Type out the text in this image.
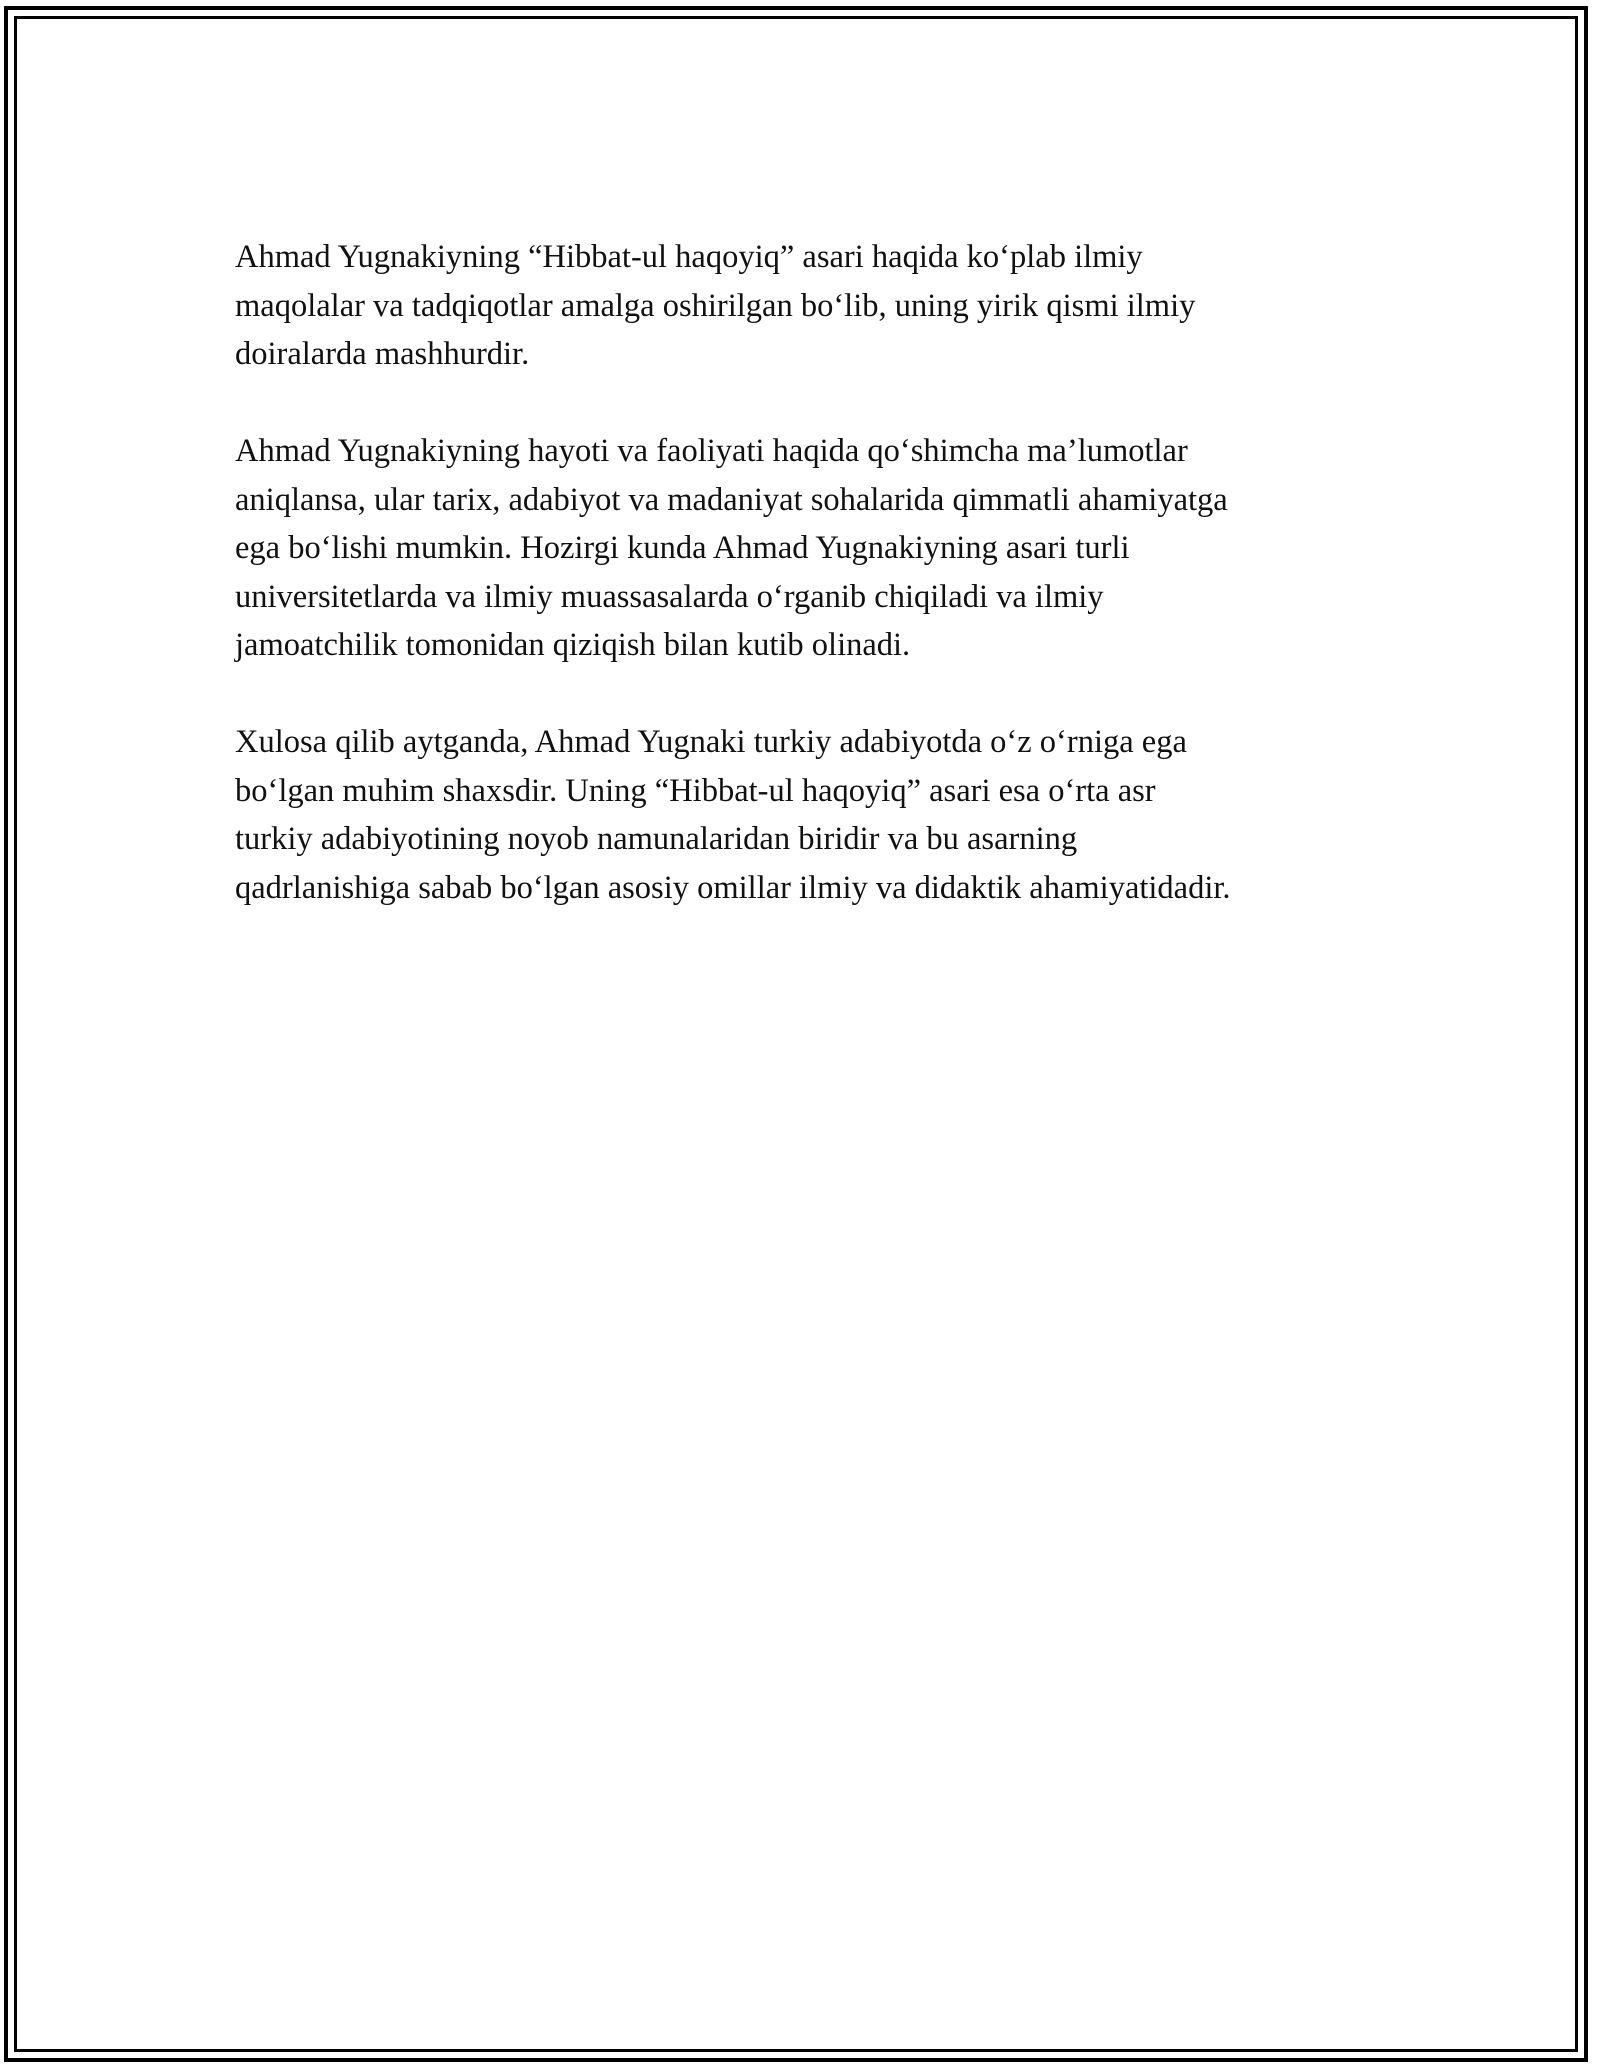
Ahmad Yugnakiyning “Hibbat-ul haqoyiq” asari haqida ko‘plab ilmiy
maqolalar va tadqiqotlar amalga oshirilgan bo‘lib, uning yirik qismi ilmiy
doiralarda mashhurdir.

Ahmad Yugnakiyning hayoti va faoliyati haqida qo‘shimcha ma’lumotlar
aniqlansa, ular tarix, adabiyot va madaniyat sohalarida qimmatli ahamiyatga
ega bo‘lishi mumkin. Hozirgi kunda Ahmad Yugnakiyning asari turli
universitetlarda va ilmiy muassasalarda o‘rganib chiqiladi va ilmiy
jamoatchilik tomonidan qiziqish bilan kutib olinadi.

Xulosa qilib aytganda, Ahmad Yugnaki turkiy adabiyotda o‘z o‘rniga ega
bo‘lgan muhim shaxsdir. Uning “Hibbat-ul haqoyiq” asari esa o‘rta asr
turkiy adabiyotining noyob namunalaridan biridir va bu asarning
qadrlanishiga sabab bo‘lgan asosiy omillar ilmiy va didaktik ahamiyatidadir.
